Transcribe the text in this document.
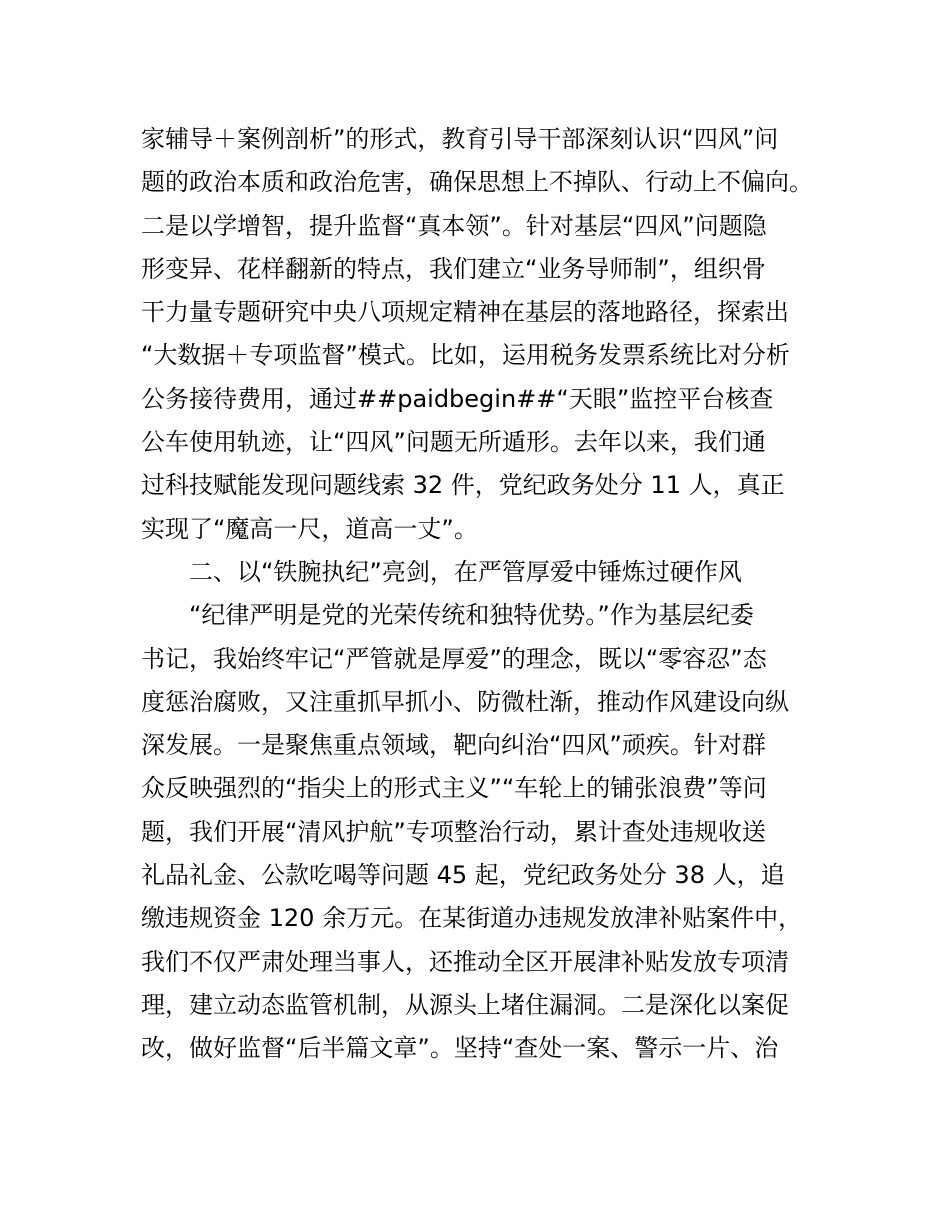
家辅导＋案例剖析”的形式，教育引导干部深刻认识“四风”问
题的政治本质和政治危害，确保思想上不掉队、行动上不偏向。
二是以学增智，提升监督“真本领”。针对基层“四风”问题隐
形变异、花样翻新的特点，我们建立“业务导师制”，组织骨
干力量专题研究中央八项规定精神在基层的落地路径，探索出
“大数据＋专项监督”模式。比如，运用税务发票系统比对分析
公务接待费用，通过##paidbegin##“天眼”监控平台核查
公车使用轨迹，让“四风”问题无所遁形。去年以来，我们通
过科技赋能发现问题线索 32 件，党纪政务处分 11 人，真正
实现了“魔高一尺，道高一丈”。
二、以“铁腕执纪”亮剑，在严管厚爱中锤炼过硬作风
“纪律严明是党的光荣传统和独特优势。”作为基层纪委
书记，我始终牢记“严管就是厚爱”的理念，既以“零容忍”态
度惩治腐败，又注重抓早抓小、防微杜渐，推动作风建设向纵
深发展。一是聚焦重点领域，靶向纠治“四风”顽疾。针对群
众反映强烈的“指尖上的形式主义”“车轮上的铺张浪费”等问
题，我们开展“清风护航”专项整治行动，累计查处违规收送
礼品礼金、公款吃喝等问题 45 起，党纪政务处分 38 人，追
缴违规资金 120 余万元。在某街道办违规发放津补贴案件中，
我们不仅严肃处理当事人，还推动全区开展津补贴发放专项清
理，建立动态监管机制，从源头上堵住漏洞。二是深化以案促
改，做好监督“后半篇文章”。坚持“查处一案、警示一片、治
